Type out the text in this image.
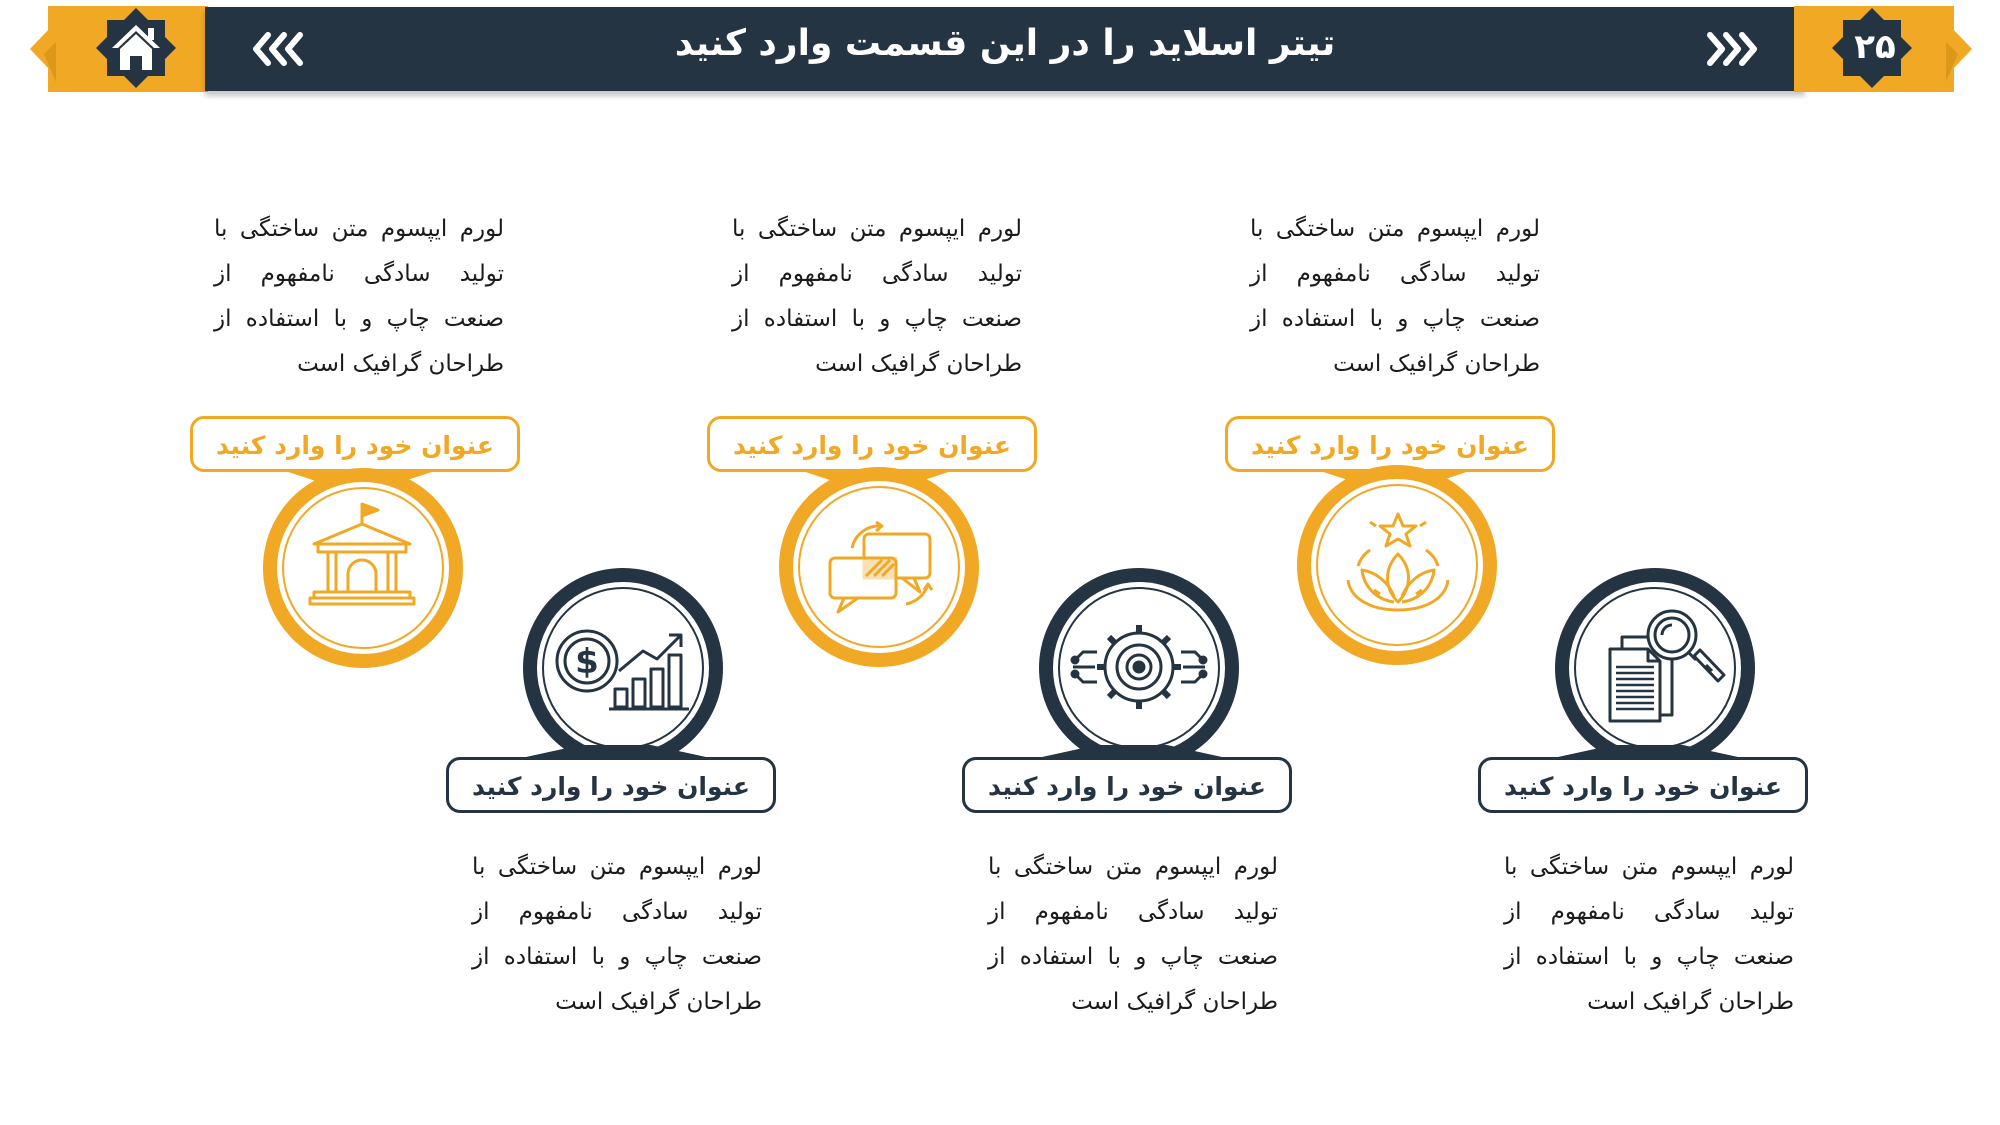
تیتر اسلاید را در این قسمت وارد کنید	۲۵
لورم ایپسوم متن ساختگی با تولید سادگی نامفهوم از صنعت چاپ و با استفاده از طراحان گرافیک است
عنوان خود را وارد کنید
$
عنوان خود را وارد کنید
لورم ایپسوم متن ساختگی با تولید سادگی نامفهوم از صنعت چاپ و با استفاده از طراحان گرافیک است
لورم ایپسوم متن ساختگی با تولید سادگی نامفهوم از صنعت چاپ و با استفاده از طراحان گرافیک است
عنوان خود را وارد کنید
عنوان خود را وارد کنید
لورم ایپسوم متن ساختگی با تولید سادگی نامفهوم از صنعت چاپ و با استفاده از طراحان گرافیک است
لورم ایپسوم متن ساختگی با تولید سادگی نامفهوم از صنعت چاپ و با استفاده از طراحان گرافیک است
عنوان خود را وارد کنید
عنوان خود را وارد کنید
لورم ایپسوم متن ساختگی با تولید سادگی نامفهوم از صنعت چاپ و با استفاده از طراحان گرافیک است
